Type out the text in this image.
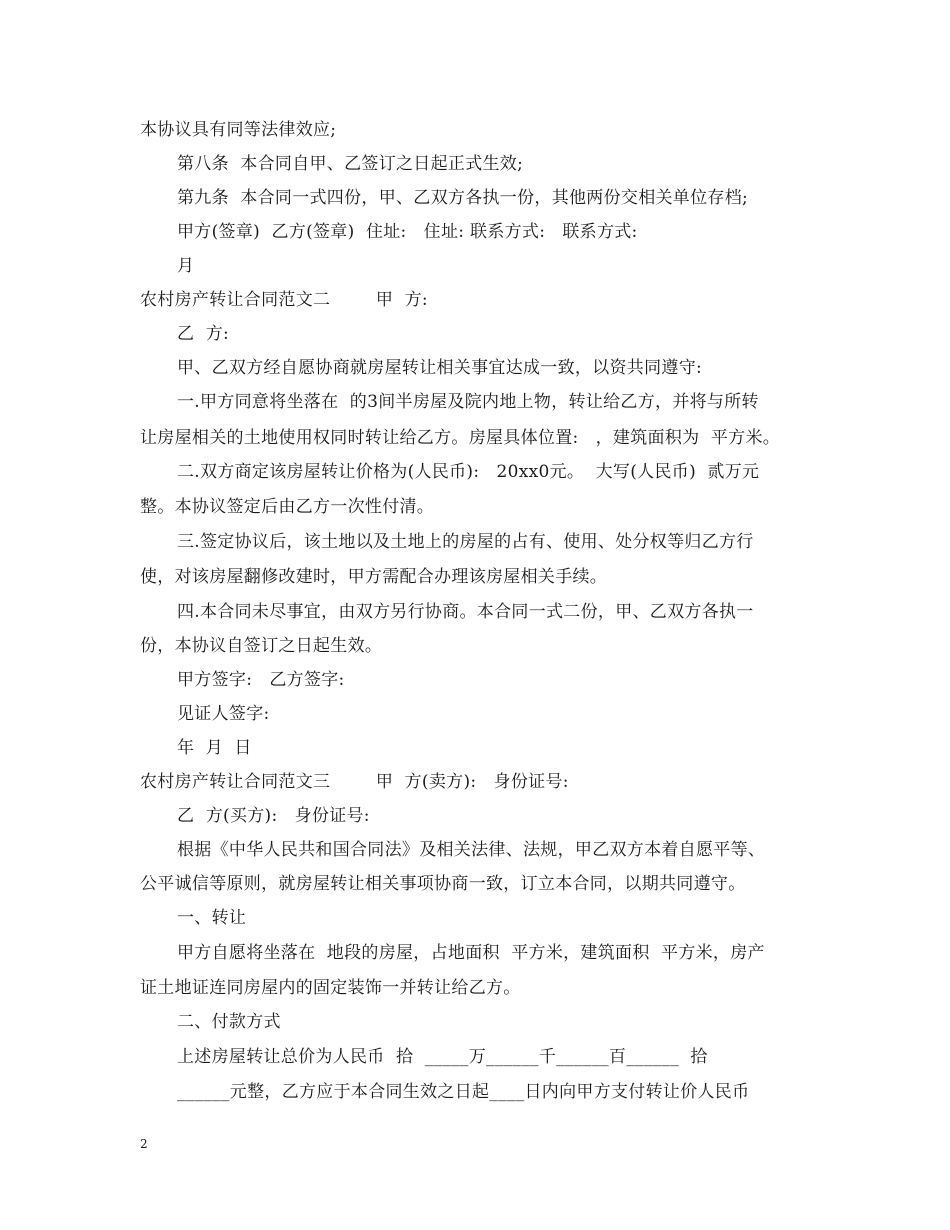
本协议具有同等法律效应;
第八条  本合同自甲、乙签订之日起正式生效;
第九条  本合同一式四份，甲、乙双方各执一份，其他两份交相关单位存档;
甲方(签章)  乙方(签章)  住址:   住址: 联系方式:   联系方式:
月
农村房产转让合同范文二        甲  方:
乙  方:
甲、乙双方经自愿协商就房屋转让相关事宜达成一致，以资共同遵守:
一.甲方同意将坐落在  的3间半房屋及院内地上物，转让给乙方，并将与所转
让房屋相关的土地使用权同时转让给乙方。房屋具体位置:   ，建筑面积为  平方米。
二.双方商定该房屋转让价格为(人民币):   20xx0元。  大写(人民币)  贰万元
整。本协议签定后由乙方一次性付清。
三.签定协议后，该土地以及土地上的房屋的占有、使用、处分权等归乙方行
使，对该房屋翻修改建时，甲方需配合办理该房屋相关手续。
四.本合同未尽事宜，由双方另行协商。本合同一式二份，甲、乙双方各执一
份，本协议自签订之日起生效。
甲方签字:   乙方签字:
见证人签字:
年  月  日
农村房产转让合同范文三        甲  方(卖方):   身份证号:
乙  方(买方):   身份证号:
根据《中华人民共和国合同法》及相关法律、法规，甲乙双方本着自愿平等、
公平诚信等原则，就房屋转让相关事项协商一致，订立本合同，以期共同遵守。
一、转让
甲方自愿将坐落在  地段的房屋，占地面积  平方米，建筑面积  平方米，房产
证土地证连同房屋内的固定装饰一并转让给乙方。
二、付款方式
上述房屋转让总价为人民币  拾  _____万______千______百______  拾
______元整，乙方应于本合同生效之日起____日内向甲方支付转让价人民币
2
